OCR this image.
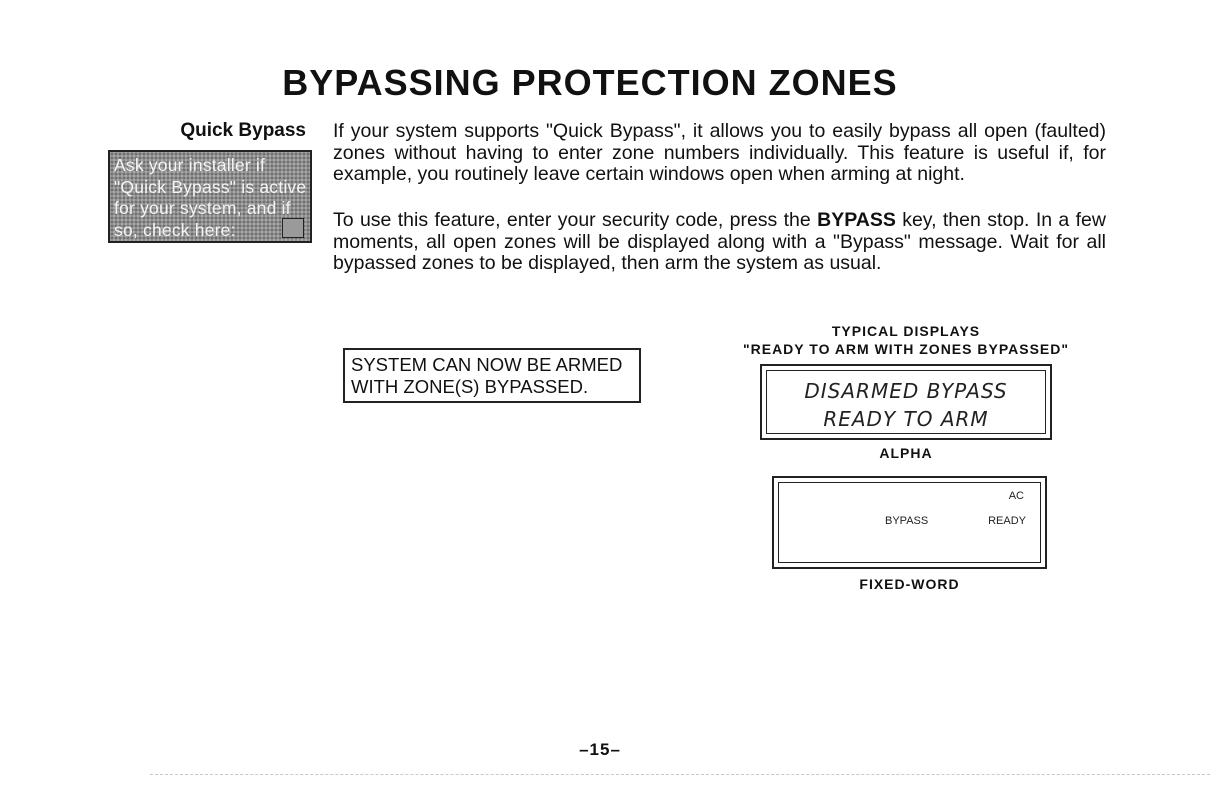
BYPASSING PROTECTION ZONES
Quick Bypass
Ask your installer if "Quick Bypass" is active for your system, and if so, check here:
If your system supports "Quick Bypass", it allows you to easily bypass all open (faulted) zones without having to enter zone numbers individually. This feature is useful if, for example, you routinely leave certain windows open when arming at night.
To use this feature, enter your security code, press the BYPASS key, then stop. In a few moments, all open zones will be displayed along with a "Bypass" message. Wait for all bypassed zones to be displayed, then arm the system as usual.
SYSTEM CAN NOW BE ARMED
WITH ZONE(S) BYPASSED.
TYPICAL DISPLAYS
"READY TO ARM WITH ZONES BYPASSED"
DISARMED BYPASS
READY TO ARM
ALPHA
AC
BYPASS	READY
FIXED-WORD
–15–
